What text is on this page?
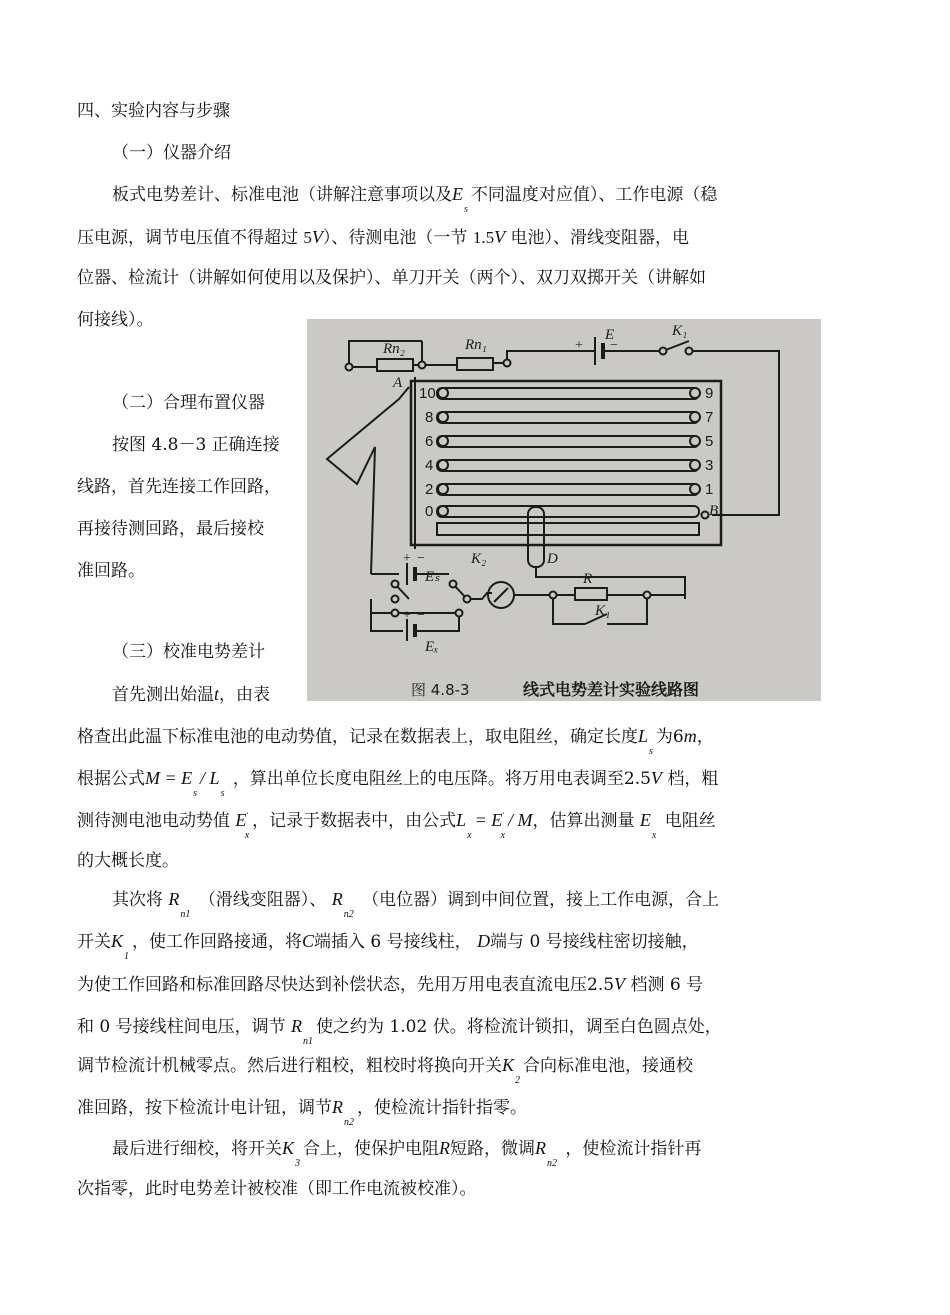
四、实验内容与步骤
（一）仪器介绍
板式电势差计、标准电池（讲解注意事项以及$E_s$不同温度对应值）、工作电源（稳
压电源，调节电压值不得超过 5V）、待测电池（一节 1.5V 电池）、滑线变阻器，电
位器、检流计（讲解如何使用以及保护）、单刀开关（两个）、双刀双掷开关（讲解如
何接线）。
（二）合理布置仪器
按图 4.8－3 正确连接
线路，首先连接工作回路，
再接待测回路，最后接校
准回路。
（三）校准电势差计
首先测出始温t，由表
格查出此温下标准电池的电动势值，记录在数据表上，取电阻丝，确定长度$L_s$为6m，
根据公式$M = E_s/$ $L_s$ ，算出单位长度电阻丝上的电压降。将万用电表调至2.5V 档，粗
测待测电池电动势值 $E'_x$，记录于数据表中，由公式$L_x= E'_x/$ M，估算出测量 $E_x$ 电阻丝
的大概长度。
其次将 $R_{n1}$ （滑线变阻器）、 $R_{n2}$ （电位器）调到中间位置，接上工作电源，合上
开关$K_1$，使工作回路接通，将C端插入 6 号接线柱， D端与 0 号接线柱密切接触，
为使工作回路和标准回路尽快达到补偿状态，先用万用电表直流电压2.5V 档测 6 号
和 0 号接线柱间电压，调节 $R_{n1}$使之约为 1.02 伏。将检流计锁扣，调至白色圆点处，
调节检流计机械零点。然后进行粗校，粗校时将换向开关$K_2$合向标准电池，接通校
准回路，按下检流计电计钮，调节$R_{n2}$，使检流计指针指零。
最后进行细校，将开关$K_3$合上，使保护电阻R短路，微调$R_{n2}$ ，使检流计指针再
次指零，此时电势差计被校准（即工作电流被校准）。
Rn₂	Rn₁
E	K₁
A
B
D
K₂
R
K₁
Eₛ
Eₓ
+ −
+ −
+ −
10
8
6
4
2
0
9
7
5
3
1
图 4.8-3	线式电势差计实验线路图
